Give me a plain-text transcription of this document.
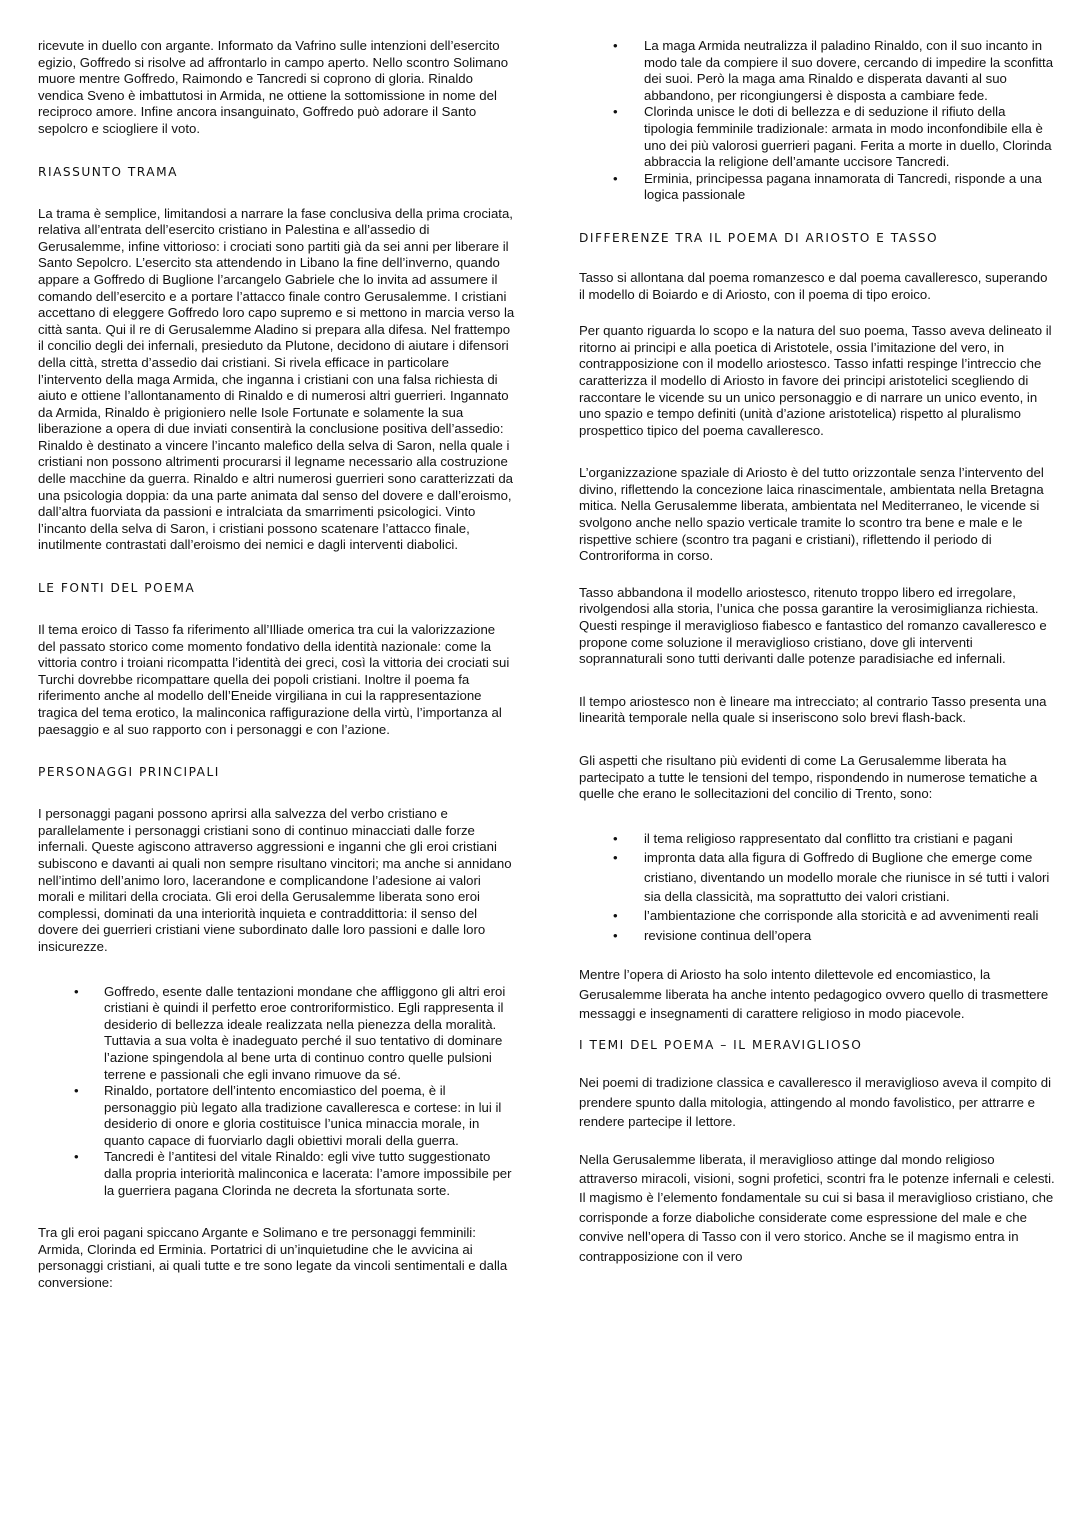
ricevute in duello con argante. Informato da Vafrino sulle intenzioni dell’esercito egizio, Goffredo si risolve ad affrontarlo in campo aperto. Nello scontro Solimano muore mentre Goffredo, Raimondo e Tancredi si coprono di gloria. Rinaldo vendica Sveno è imbattutosi in Armida, ne ottiene la sottomissione in nome del reciproco amore. Infine ancora insanguinato, Goffredo può adorare il Santo sepolcro e sciogliere il voto.

RIASSUNTO TRAMA

La trama è semplice, limitandosi a narrare la fase conclusiva della prima crociata, relativa all’entrata dell’esercito cristiano in Palestina e all’assedio di Gerusalemme, infine vittorioso: i crociati sono partiti già da sei anni per liberare il Santo Sepolcro. L’esercito sta attendendo in Libano la fine dell’inverno, quando appare a Goffredo di Buglione l’arcangelo Gabriele che lo invita ad assumere il comando dell’esercito e a portare l’attacco finale contro Gerusalemme. I cristiani accettano di eleggere Goffredo loro capo supremo e si mettono in marcia verso la città santa. Qui il re di Gerusalemme Aladino si prepara alla difesa. Nel frattempo il concilio degli dei infernali, presieduto da Plutone, decidono di aiutare i difensori della città, stretta d’assedio dai cristiani. Si rivela efficace in particolare l’intervento della maga Armida, che inganna i cristiani con una falsa richiesta di aiuto e ottiene l’allontanamento di Rinaldo e di numerosi altri guerrieri. Ingannato da Armida, Rinaldo è prigioniero nelle Isole Fortunate e solamente la sua liberazione a opera di due inviati consentirà la conclusione positiva dell’assedio: Rinaldo è destinato a vincere l’incanto malefico della selva di Saron, nella quale i cristiani non possono altrimenti procurarsi il legname necessario alla costruzione delle macchine da guerra. Rinaldo e altri numerosi guerrieri sono caratterizzati da una psicologia doppia: da una parte animata dal senso del dovere e dall’eroismo, dall’altra fuorviata da passioni e intralciata da smarrimenti psicologici. Vinto l’incanto della selva di Saron, i cristiani possono scatenare l’attacco finale, inutilmente contrastati dall’eroismo dei nemici e dagli interventi diabolici.

LE FONTI DEL POEMA

Il tema eroico di Tasso fa riferimento all’Illiade omerica tra cui la valorizzazione del passato storico come momento fondativo della identità nazionale: come la vittoria contro i troiani ricompatta l’identità dei greci, così la vittoria dei crociati sui Turchi dovrebbe ricompattare quella dei popoli cristiani. Inoltre il poema fa riferimento anche al modello dell’Eneide virgiliana in cui la rappresentazione tragica del tema erotico, la malinconica raffigurazione della virtù, l’importanza al paesaggio e al suo rapporto con i personaggi e con l’azione.

PERSONAGGI PRINCIPALI

I personaggi pagani possono aprirsi alla salvezza del verbo cristiano e parallelamente i personaggi cristiani sono di continuo minacciati dalle forze infernali. Queste agiscono attraverso aggressioni e inganni che gli eroi cristiani subiscono e davanti ai quali non sempre risultano vincitori; ma anche si annidano nell’intimo dell’animo loro, lacerandone e complicandone l’adesione ai valori morali e militari della crociata. Gli eroi della Gerusalemme liberata sono eroi complessi, dominati da una interiorità inquieta e contraddittoria: il senso del dovere dei guerrieri cristiani viene subordinato dalle loro passioni e dalle loro insicurezze.

• Goffredo, esente dalle tentazioni mondane che affliggono gli altri eroi cristiani è quindi il perfetto eroe controriformistico. Egli rappresenta il desiderio di bellezza ideale realizzata nella pienezza della moralità. Tuttavia a sua volta è inadeguato perché il suo tentativo di dominare l’azione spingendola al bene urta di continuo contro quelle pulsioni terrene e passionali che egli invano rimuove da sé.
• Rinaldo, portatore dell’intento encomiastico del poema, è il personaggio più legato alla tradizione cavalleresca e cortese: in lui il desiderio di onore e gloria costituisce l’unica minaccia morale, in quanto capace di fuorviarlo dagli obiettivi morali della guerra.
• Tancredi è l’antitesi del vitale Rinaldo: egli vive tutto suggestionato dalla propria interiorità malinconica e lacerata: l’amore impossibile per la guerriera pagana Clorinda ne decreta la sfortunata sorte.

Tra gli eroi pagani spiccano Argante e Solimano e tre personaggi femminili: Armida, Clorinda ed Erminia. Portatrici di un’inquietudine che le avvicina ai personaggi cristiani, ai quali tutte e tre sono legate da vincoli sentimentali e dalla conversione:

• La maga Armida neutralizza il paladino Rinaldo, con il suo incanto in modo tale da compiere il suo dovere, cercando di impedire la sconfitta dei suoi. Però la maga ama Rinaldo e disperata davanti al suo abbandono, per ricongiungersi è disposta a cambiare fede.
• Clorinda unisce le doti di bellezza e di seduzione il rifiuto della tipologia femminile tradizionale: armata in modo inconfondibile ella è uno dei più valorosi guerrieri pagani. Ferita a morte in duello, Clorinda abbraccia la religione dell’amante uccisore Tancredi.
• Erminia, principessa pagana innamorata di Tancredi, risponde a una logica passionale
DIFFERENZE TRA IL POEMA DI ARIOSTO E TASSO

Tasso si allontana dal poema romanzesco e dal poema cavalleresco, superando il modello di Boiardo e di Ariosto, con il poema di tipo eroico.

Per quanto riguarda lo scopo e la natura del suo poema, Tasso aveva delineato il ritorno ai principi e alla poetica di Aristotele, ossia l’imitazione del vero, in contrapposizione con il modello ariostesco. Tasso infatti respinge l’intreccio che caratterizza il modello di Ariosto in favore dei principi aristotelici scegliendo di raccontare le vicende su un unico personaggio e di narrare un unico evento, in uno spazio e tempo definiti (unità d’azione aristotelica) rispetto al pluralismo prospettico tipico del poema cavalleresco.

L’organizzazione spaziale di Ariosto è del tutto orizzontale senza l’intervento del divino, riflettendo la concezione laica rinascimentale, ambientata nella Bretagna mitica. Nella Gerusalemme liberata, ambientata nel Mediterraneo, le vicende si svolgono anche nello spazio verticale tramite lo scontro tra bene e male e le rispettive schiere (scontro tra pagani e cristiani), riflettendo il periodo di Controriforma in corso.

Tasso abbandona il modello ariostesco, ritenuto troppo libero ed irregolare, rivolgendosi alla storia, l’unica che possa garantire la verosimiglianza richiesta. Questi respinge il meraviglioso fiabesco e fantastico del romanzo cavalleresco e propone come soluzione il meraviglioso cristiano, dove gli interventi soprannaturali sono tutti derivanti dalle potenze paradisiache ed infernali.

Il tempo ariostesco non è lineare ma intrecciato; al contrario Tasso presenta una linearità temporale nella quale si inseriscono solo brevi flash-back.

Gli aspetti che risultano più evidenti di come La Gerusalemme liberata ha partecipato a tutte le tensioni del tempo, rispondendo in numerose tematiche a quelle che erano le sollecitazioni del concilio di Trento, sono:

• il tema religioso rappresentato dal conflitto tra cristiani e pagani
• impronta data alla figura di Goffredo di Buglione che emerge come cristiano, diventando un modello morale che riunisce in sé tutti i valori sia della classicità, ma soprattutto dei valori cristiani.
• l’ambientazione che corrisponde alla storicità e ad avvenimenti reali
• revisione continua dell’opera

Mentre l’opera di Ariosto ha solo intento dilettevole ed encomiastico, la Gerusalemme liberata ha anche intento pedagogico ovvero quello di trasmettere messaggi e insegnamenti di carattere religioso in modo piacevole.

I TEMI DEL POEMA – IL MERAVIGLIOSO

Nei poemi di tradizione classica e cavalleresco il meraviglioso aveva il compito di prendere spunto dalla mitologia, attingendo al mondo favolistico, per attrarre e rendere partecipe il lettore.

Nella Gerusalemme liberata, il meraviglioso attinge dal mondo religioso attraverso miracoli, visioni, sogni profetici, scontri fra le potenze infernali e celesti. Il magismo è l’elemento fondamentale su cui si basa il meraviglioso cristiano, che corrisponde a forze diaboliche considerate come espressione del male e che convive nell’opera di Tasso con il vero storico. Anche se il magismo entra in contrapposizione con il vero
